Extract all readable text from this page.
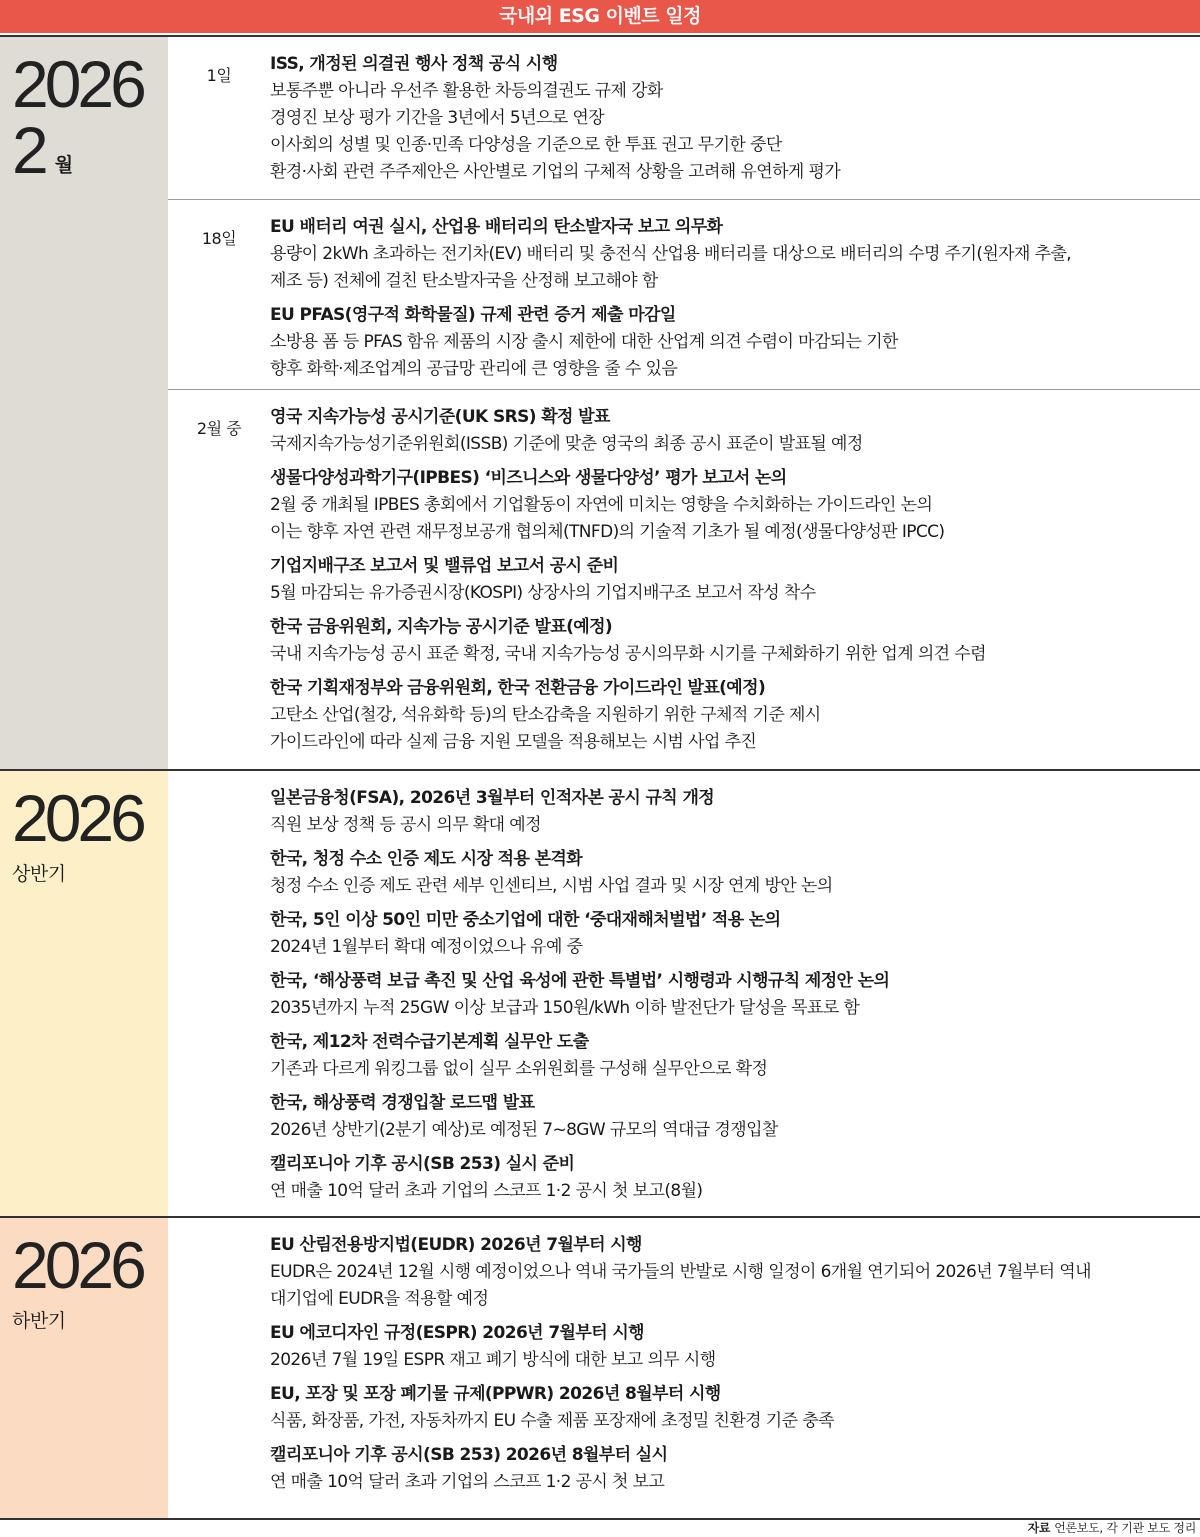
국내외 ESG 이벤트 일정
2026
2 월
1일
ISS, 개정된 의결권 행사 정책 공식 시행
보통주뿐 아니라 우선주 활용한 차등의결권도 규제 강화
경영진 보상 평가 기간을 3년에서 5년으로 연장
이사회의 성별 및 인종·민족 다양성을 기준으로 한 투표 권고 무기한 중단
환경·사회 관련 주주제안은 사안별로 기업의 구체적 상황을 고려해 유연하게 평가
18일
EU 배터리 여권 실시, 산업용 배터리의 탄소발자국 보고 의무화
용량이 2kWh 초과하는 전기차(EV) 배터리 및 충전식 산업용 배터리를 대상으로 배터리의 수명 주기(원자재 추출,
제조 등) 전체에 걸친 탄소발자국을 산정해 보고해야 함
EU PFAS(영구적 화학물질) 규제 관련 증거 제출 마감일
소방용 폼 등 PFAS 함유 제품의 시장 출시 제한에 대한 산업계 의견 수렴이 마감되는 기한
향후 화학·제조업계의 공급망 관리에 큰 영향을 줄 수 있음
2월 중
영국 지속가능성 공시기준(UK SRS) 확정 발표
국제지속가능성기준위원회(ISSB) 기준에 맞춘 영국의 최종 공시 표준이 발표될 예정
생물다양성과학기구(IPBES) ‘비즈니스와 생물다양성’ 평가 보고서 논의
2월 중 개최될 IPBES 총회에서 기업활동이 자연에 미치는 영향을 수치화하는 가이드라인 논의
이는 향후 자연 관련 재무정보공개 협의체(TNFD)의 기술적 기초가 될 예정(생물다양성판 IPCC)
기업지배구조 보고서 및 밸류업 보고서 공시 준비
5월 마감되는 유가증권시장(KOSPI) 상장사의 기업지배구조 보고서 작성 착수
한국 금융위원회, 지속가능 공시기준 발표(예정)
국내 지속가능성 공시 표준 확정, 국내 지속가능성 공시의무화 시기를 구체화하기 위한 업계 의견 수렴
한국 기획재정부와 금융위원회, 한국 전환금융 가이드라인 발표(예정)
고탄소 산업(철강, 석유화학 등)의 탄소감축을 지원하기 위한 구체적 기준 제시
가이드라인에 따라 실제 금융 지원 모델을 적용해보는 시범 사업 추진
2026
상반기
일본금융청(FSA), 2026년 3월부터 인적자본 공시 규칙 개정
직원 보상 정책 등 공시 의무 확대 예정
한국, 청정 수소 인증 제도 시장 적용 본격화
청정 수소 인증 제도 관련 세부 인센티브, 시범 사업 결과 및 시장 연계 방안 논의
한국, 5인 이상 50인 미만 중소기업에 대한 ‘중대재해처벌법’ 적용 논의
2024년 1월부터 확대 예정이었으나 유예 중
한국, ‘해상풍력 보급 촉진 및 산업 육성에 관한 특별법’ 시행령과 시행규칙 제정안 논의
2035년까지 누적 25GW 이상 보급과 150원/kWh 이하 발전단가 달성을 목표로 함
한국, 제12차 전력수급기본계획 실무안 도출
기존과 다르게 워킹그룹 없이 실무 소위원회를 구성해 실무안으로 확정
한국, 해상풍력 경쟁입찰 로드맵 발표
2026년 상반기(2분기 예상)로 예정된 7~8GW 규모의 역대급 경쟁입찰
캘리포니아 기후 공시(SB 253) 실시 준비
연 매출 10억 달러 초과 기업의 스코프 1·2 공시 첫 보고(8월)
2026
하반기
EU 산림전용방지법(EUDR) 2026년 7월부터 시행
EUDR은 2024년 12월 시행 예정이었으나 역내 국가들의 반발로 시행 일정이 6개월 연기되어 2026년 7월부터 역내
대기업에 EUDR을 적용할 예정
EU 에코디자인 규정(ESPR) 2026년 7월부터 시행
2026년 7월 19일 ESPR 재고 폐기 방식에 대한 보고 의무 시행
EU, 포장 및 포장 폐기물 규제(PPWR) 2026년 8월부터 시행
식품, 화장품, 가전, 자동차까지 EU 수출 제품 포장재에 초정밀 친환경 기준 충족
캘리포니아 기후 공시(SB 253) 2026년 8월부터 실시
연 매출 10억 달러 초과 기업의 스코프 1·2 공시 첫 보고
자료 언론보도, 각 기관 보도 정리
